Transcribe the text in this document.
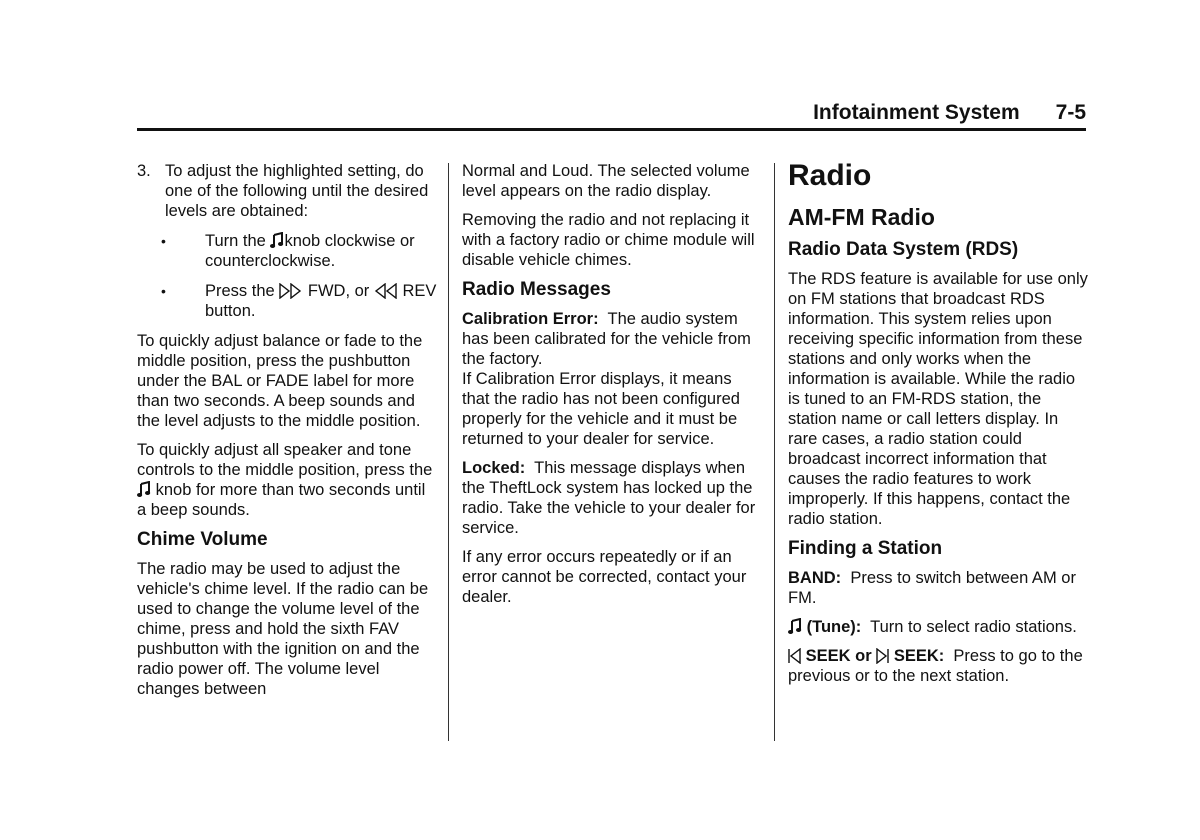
Infotainment System 7-5
3. To adjust the highlighted setting, do one of the following until the desired levels are obtained:
•	Turn the knob clockwise or counterclockwise.
•	Press the FWD, or REV button.

To quickly adjust balance or fade to the middle position, press the pushbutton under the BAL or FADE label for more than two seconds. A beep sounds and the level adjusts to the middle position.

To quickly adjust all speaker and tone controls to the middle position, press the  knob for more than two seconds until a beep sounds.

Chime Volume

The radio may be used to adjust the vehicle's chime level. If the radio can be used to change the volume level of the chime, press and hold the sixth FAV pushbutton with the ignition on and the radio power off. The volume level changes between

Normal and Loud. The selected volume level appears on the radio display.

Removing the radio and not replacing it with a factory radio or chime module will disable vehicle chimes.

Radio Messages

Calibration Error: The audio system has been calibrated for the vehicle from the factory.
If Calibration Error displays, it means that the radio has not been configured properly for the vehicle and it must be returned to your dealer for service.

Locked: This message displays when the TheftLock system has locked up the radio. Take the vehicle to your dealer for service.

If any error occurs repeatedly or if an error cannot be corrected, contact your dealer.

Radio
AM-FM Radio
Radio Data System (RDS)

The RDS feature is available for use only on FM stations that broadcast RDS information. This system relies upon receiving specific information from these stations and only works when the information is available. While the radio is tuned to an FM-RDS station, the station name or call letters display. In rare cases, a radio station could broadcast incorrect information that causes the radio features to work improperly. If this happens, contact the radio station.

Finding a Station

BAND: Press to switch between AM or FM.

(Tune): Turn to select radio stations.

SEEK or SEEK: Press to go to the previous or to the next station.
